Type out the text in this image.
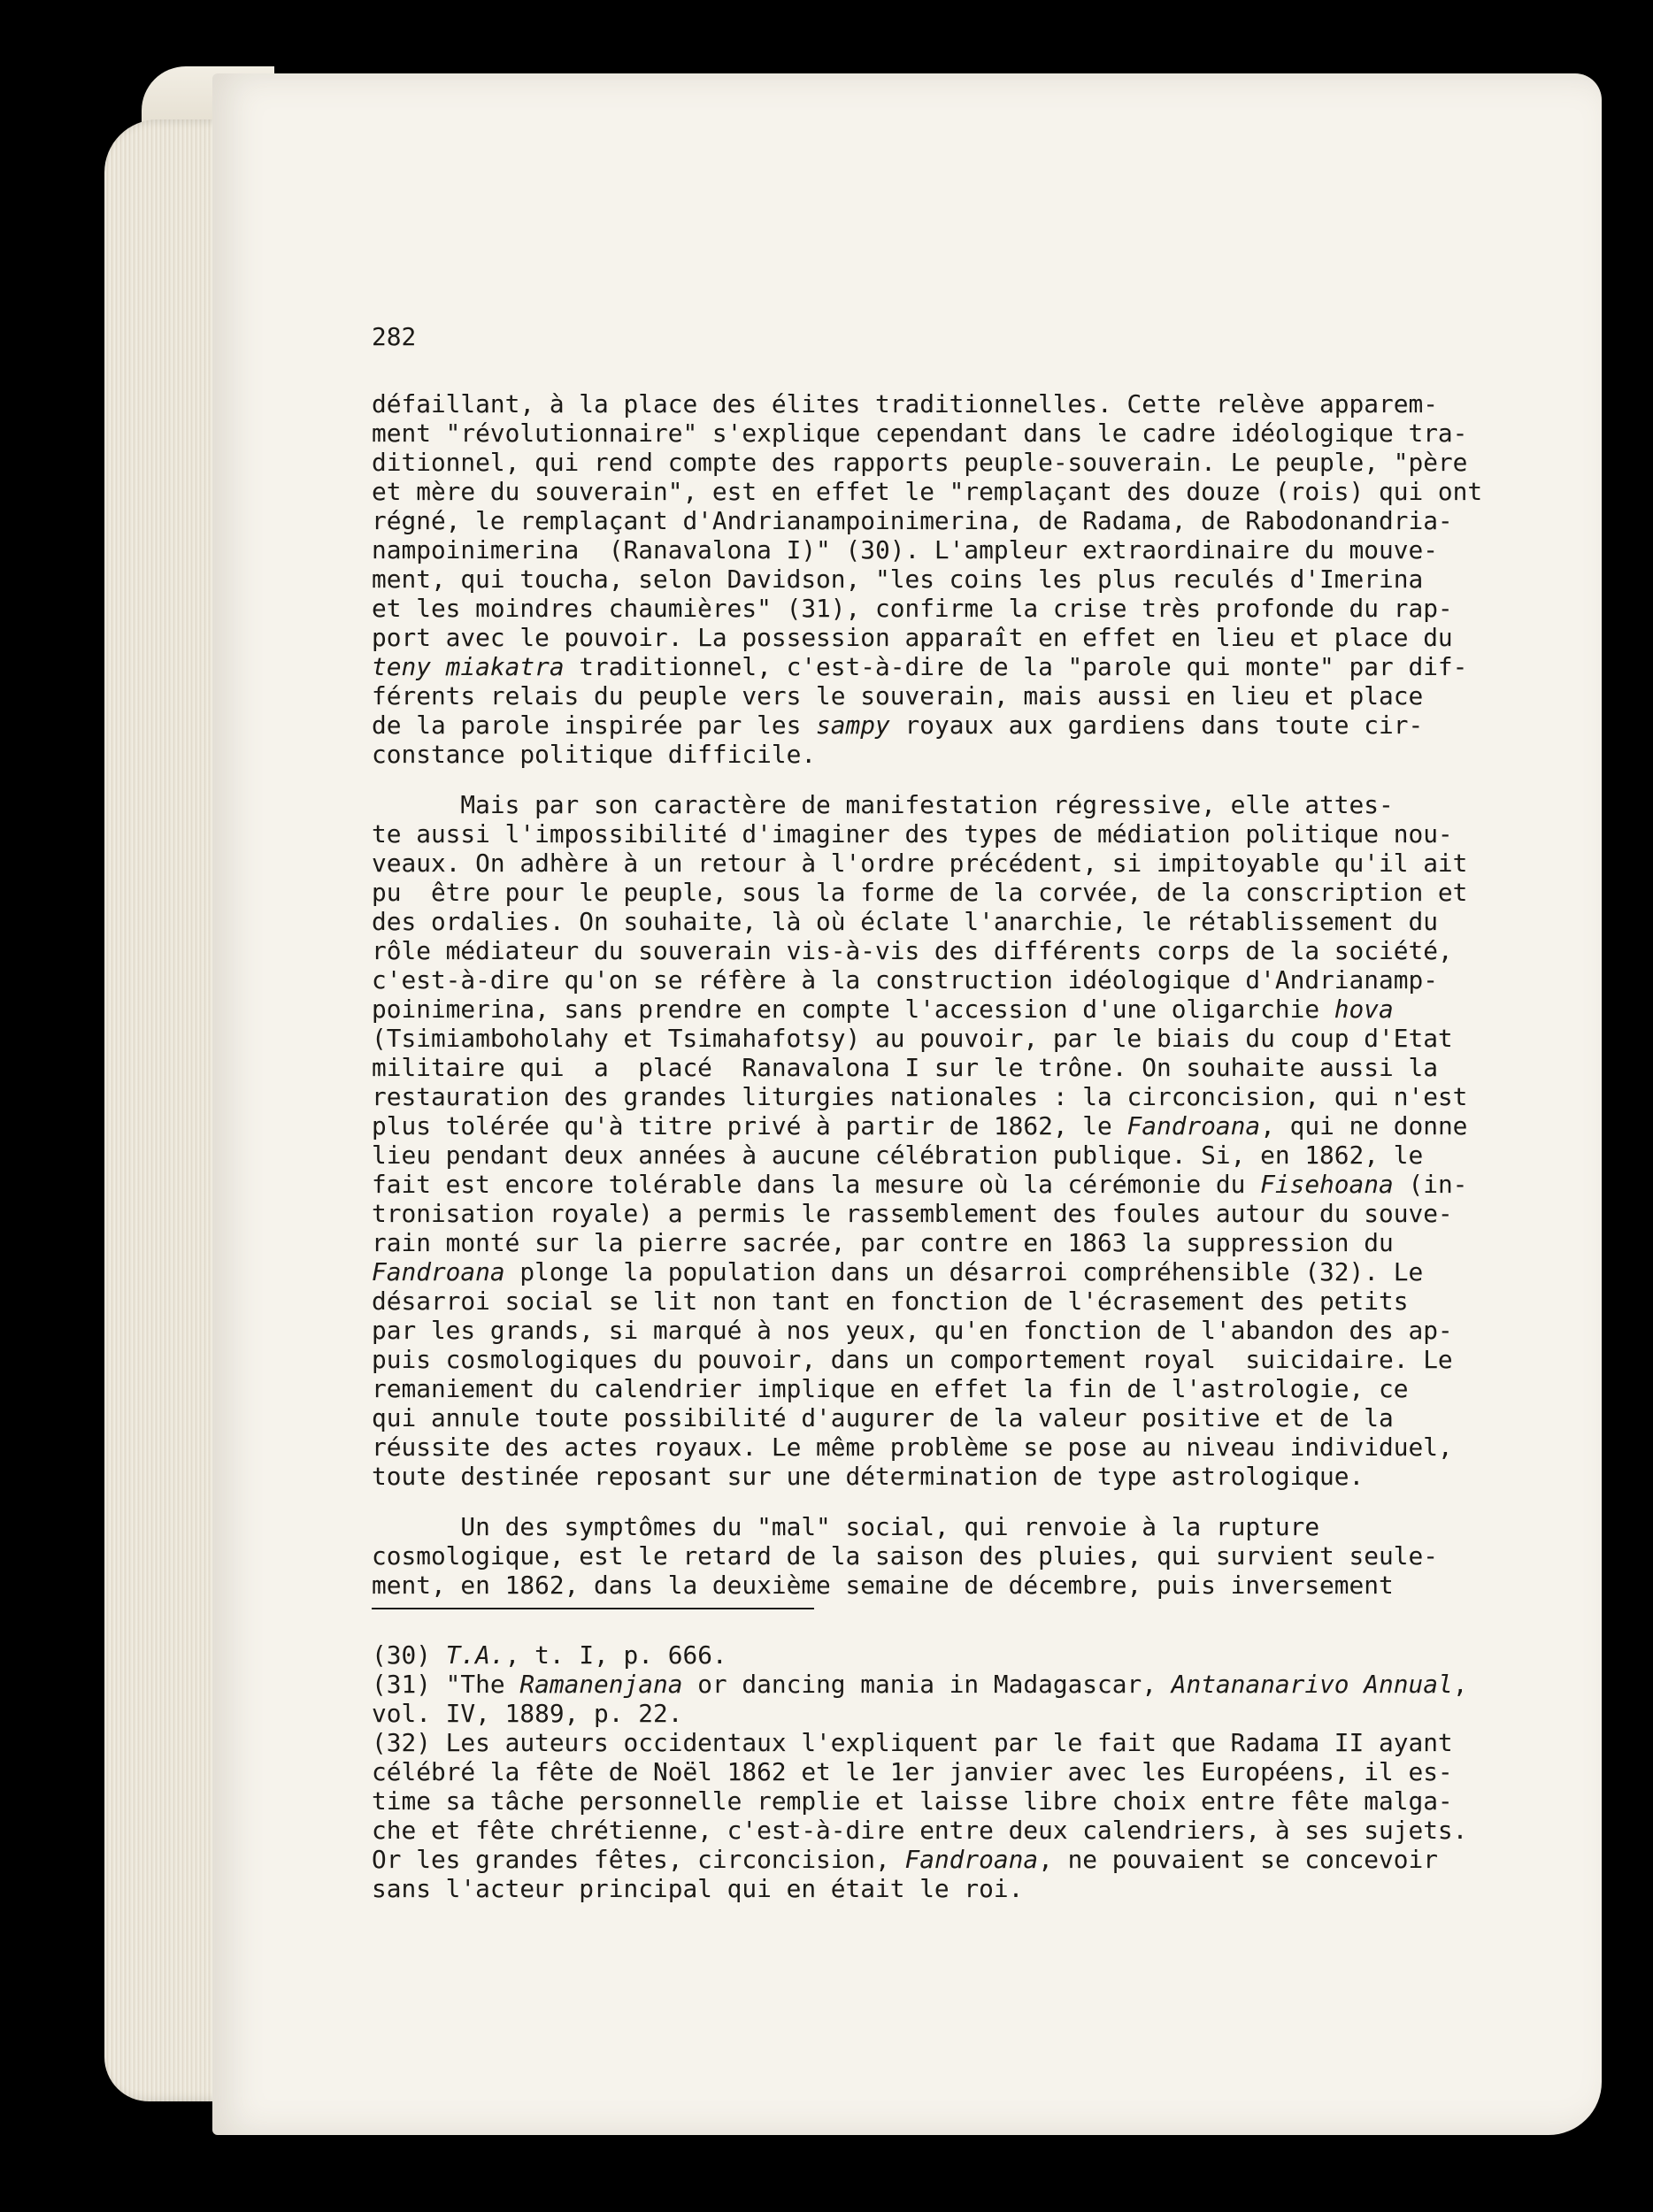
282
défaillant, à la place des élites traditionnelles. Cette relève apparem-
ment "révolutionnaire" s'explique cependant dans le cadre idéologique tra-
ditionnel, qui rend compte des rapports peuple-souverain. Le peuple, "père
et mère du souverain", est en effet le "remplaçant des douze (rois) qui ont
régné, le remplaçant d'Andrianampoinimerina, de Radama, de Rabodonandria-
nampoinimerina  (Ranavalona I)" (30). L'ampleur extraordinaire du mouve-
ment, qui toucha, selon Davidson, "les coins les plus reculés d'Imerina
et les moindres chaumières" (31), confirme la crise très profonde du rap-
port avec le pouvoir. La possession apparaît en effet en lieu et place du
teny miakatra traditionnel, c'est-à-dire de la "parole qui monte" par dif-
férents relais du peuple vers le souverain, mais aussi en lieu et place
de la parole inspirée par les sampy royaux aux gardiens dans toute cir-
constance politique difficile.
Mais par son caractère de manifestation régressive, elle attes-
te aussi l'impossibilité d'imaginer des types de médiation politique nou-
veaux. On adhère à un retour à l'ordre précédent, si impitoyable qu'il ait
pu  être pour le peuple, sous la forme de la corvée, de la conscription et
des ordalies. On souhaite, là où éclate l'anarchie, le rétablissement du
rôle médiateur du souverain vis-à-vis des différents corps de la société,
c'est-à-dire qu'on se réfère à la construction idéologique d'Andrianamp-
poinimerina, sans prendre en compte l'accession d'une oligarchie hova
(Tsimiamboholahy et Tsimahafotsy) au pouvoir, par le biais du coup d'Etat
militaire qui  a  placé  Ranavalona I sur le trône. On souhaite aussi la
restauration des grandes liturgies nationales : la circoncision, qui n'est
plus tolérée qu'à titre privé à partir de 1862, le Fandroana, qui ne donne
lieu pendant deux années à aucune célébration publique. Si, en 1862, le
fait est encore tolérable dans la mesure où la cérémonie du Fisehoana (in-
tronisation royale) a permis le rassemblement des foules autour du souve-
rain monté sur la pierre sacrée, par contre en 1863 la suppression du
Fandroana plonge la population dans un désarroi compréhensible (32). Le
désarroi social se lit non tant en fonction de l'écrasement des petits
par les grands, si marqué à nos yeux, qu'en fonction de l'abandon des ap-
puis cosmologiques du pouvoir, dans un comportement royal  suicidaire. Le
remaniement du calendrier implique en effet la fin de l'astrologie, ce
qui annule toute possibilité d'augurer de la valeur positive et de la
réussite des actes royaux. Le même problème se pose au niveau individuel,
toute destinée reposant sur une détermination de type astrologique.
Un des symptômes du "mal" social, qui renvoie à la rupture
cosmologique, est le retard de la saison des pluies, qui survient seule-
ment, en 1862, dans la deuxième semaine de décembre, puis inversement
(30) T.A., t. I, p. 666.
(31) "The Ramanenjana or dancing mania in Madagascar, Antananarivo Annual
vol. IV, 1889, p. 22.
(32) Les auteurs occidentaux l'expliquent par le fait que Radama II ayant
célébré la fête de Noël 1862 et le 1er janvier avec les Européens, il es-
time sa tâche personnelle remplie et laisse libre choix entre fête malga-
che et fête chrétienne, c'est-à-dire entre deux calendriers, à ses sujets.
Or les grandes fêtes, circoncision, Fandroana, ne pouvaient se concevoir
sans l'acteur principal qui en était le roi.
